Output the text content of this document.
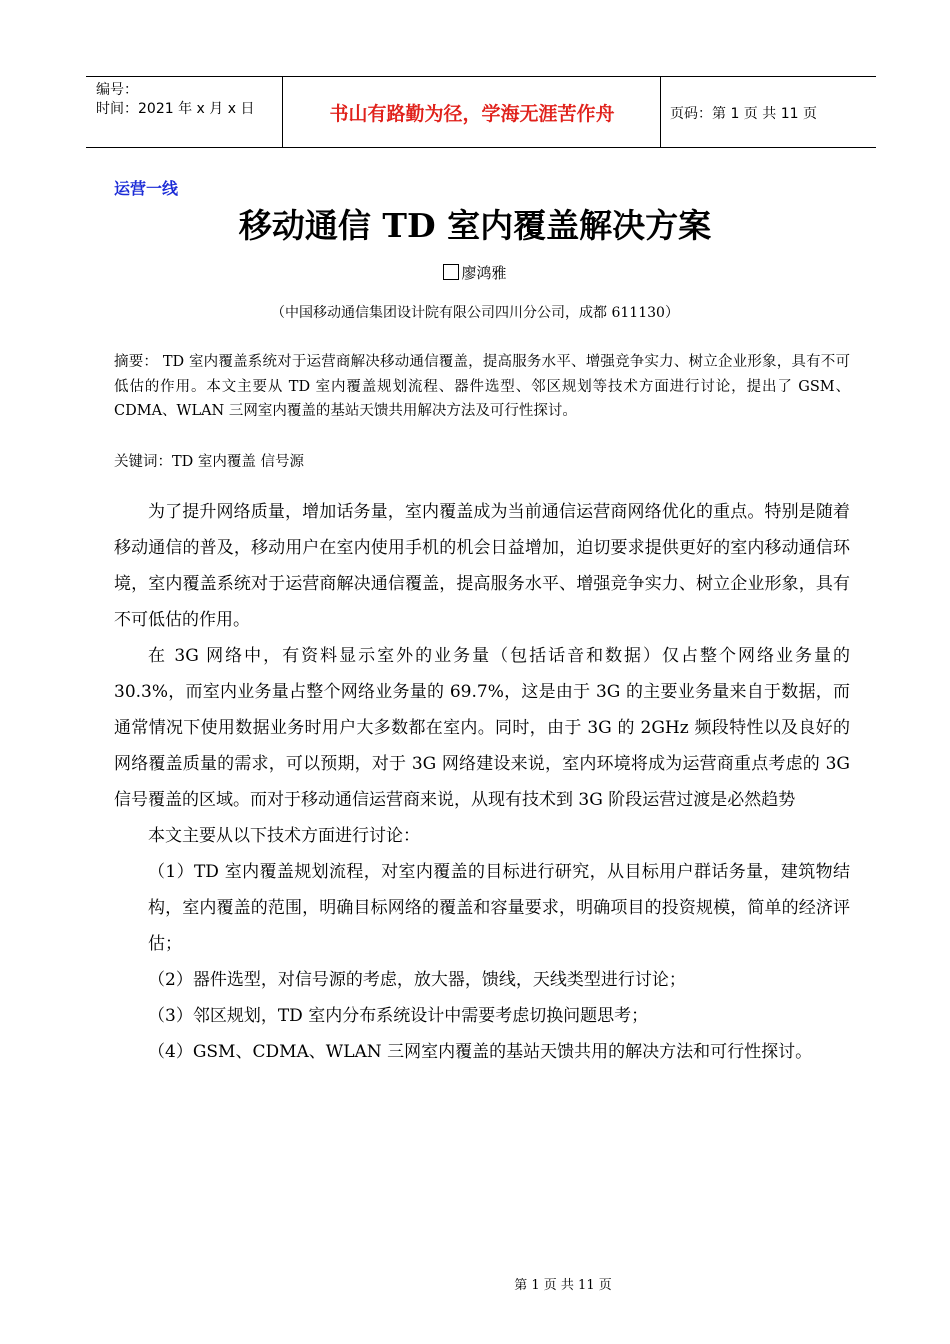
编号：
时间：2021 年 x 月 x 日	书山有路勤为径，学海无涯苦作舟	页码：第 1 页 共 11 页
运营一线
移动通信 TD 室内覆盖解决方案
廖鸿雅
（中国移动通信集团设计院有限公司四川分公司，成都 611130）
摘要： TD 室内覆盖系统对于运营商解决移动通信覆盖，提高服务水平、增强竞争实力、树立企业形象，具有不可低估的作用。本文主要从 TD 室内覆盖规划流程、器件选型、邻区规划等技术方面进行讨论，提出了 GSM、CDMA、WLAN 三网室内覆盖的基站天馈共用解决方法及可行性探讨。
关键词：TD 室内覆盖 信号源

为了提升网络质量，增加话务量，室内覆盖成为当前通信运营商网络优化的重点。特别是随着移动通信的普及，移动用户在室内使用手机的机会日益增加，迫切要求提供更好的室内移动通信环境，室内覆盖系统对于运营商解决通信覆盖，提高服务水平、增强竞争实力、树立企业形象，具有不可低估的作用。

在 3G 网络中，有资料显示室外的业务量（包括话音和数据）仅占整个网络业务量的 30.3%，而室内业务量占整个网络业务量的 69.7%，这是由于 3G 的主要业务量来自于数据，而通常情况下使用数据业务时用户大多数都在室内。同时，由于 3G 的 2GHz 频段特性以及良好的网络覆盖质量的需求，可以预期，对于 3G 网络建设来说，室内环境将成为运营商重点考虑的 3G 信号覆盖的区域。而对于移动通信运营商来说，从现有技术到 3G 阶段运营过渡是必然趋势

本文主要从以下技术方面进行讨论：

（1）TD 室内覆盖规划流程，对室内覆盖的目标进行研究，从目标用户群话务量，建筑物结构，室内覆盖的范围，明确目标网络的覆盖和容量要求，明确项目的投资规模，简单的经济评估；

（2）器件选型，对信号源的考虑，放大器，馈线，天线类型进行讨论；

（3）邻区规划，TD 室内分布系统设计中需要考虑切换问题思考；

（4）GSM、CDMA、WLAN 三网室内覆盖的基站天馈共用的解决方法和可行性探讨。

第 1 页 共 11 页
